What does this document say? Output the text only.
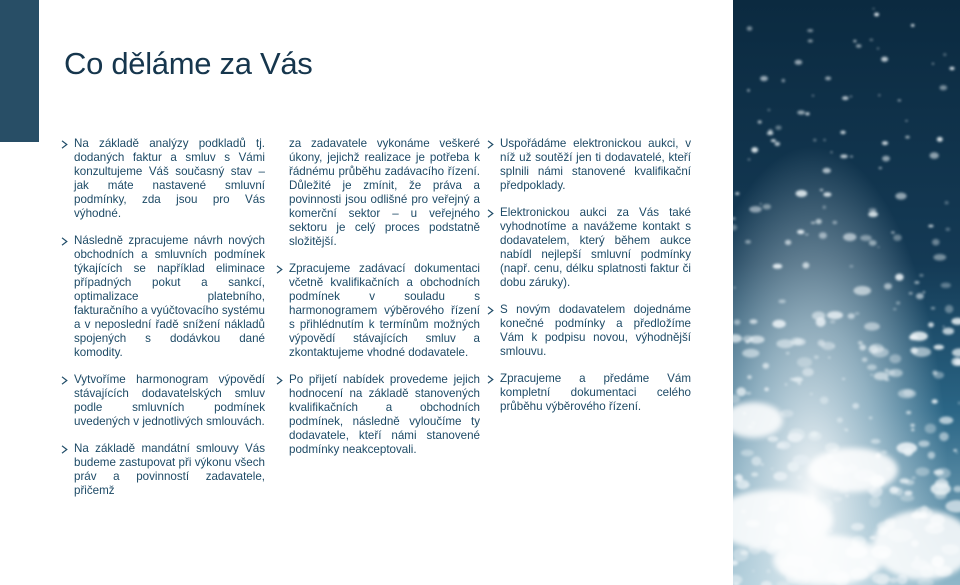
Co děláme za Vás

Na základě analýzy podkladů tj. dodaných faktur a smluv s Vámi konzultujeme Váš současný stav – jak máte nastavené smluvní podmínky, zda jsou pro Vás výhodné.

Následně zpracujeme návrh nových obchodních a smluvních podmínek týkajících se například eliminace případných pokut a sankcí, optimalizace platebního, fakturačního a vyúčtovacího systému a v neposlední řadě snížení nákladů spojených s dodávkou dané komodity.

Vytvoříme harmonogram výpovědí stávajících dodavatelských smluv podle smluvních podmínek uvedených v jednotlivých smlouvách.

Na základě mandátní smlouvy Vás budeme zastupovat při výkonu všech práv a povinností zadavatele, přičemž

za zadavatele vykonáme veškeré úkony, jejichž realizace je potřeba k řádnému průběhu zadávacího řízení. Důležité je zmínit, že práva a povinnosti jsou odlišné pro veřejný a komerční sektor – u veřejného sektoru je celý proces podstatně složitější.

Zpracujeme zadávací dokumentaci včetně kvalifikačních a obchodních podmínek v souladu s harmonogramem výběrového řízení s přihlédnutím k termínům možných výpovědí stávajících smluv a zkontaktujeme vhodné dodavatele.

Po přijetí nabídek provedeme jejich hodnocení na základě stanovených kvalifikačních a obchodních podmínek, následně vyloučíme ty dodavatele, kteří námi stanovené podmínky neakceptovali.

Uspořádáme elektronickou aukci, v níž už soutěží jen ti dodavatelé, kteří splnili námi stanovené kvalifikační předpoklady.

Elektronickou aukci za Vás také vyhodnotíme a navážeme kontakt s dodavatelem, který během aukce nabídl nejlepší smluvní podmínky (např. cenu, délku splatnosti faktur či dobu záruky).

S novým dodavatelem dojednáme konečné podmínky a předložíme Vám k podpisu novou, výhodnější smlouvu.

Zpracujeme a předáme Vám kompletní dokumentaci celého průběhu výběrového řízení.
